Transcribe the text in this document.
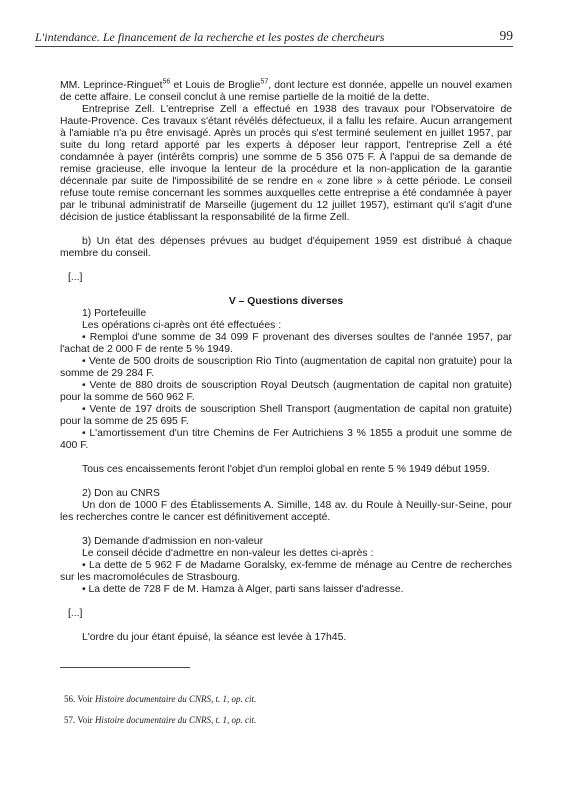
L'intendance. Le financement de la recherche et les postes de chercheurs	99

MM. Leprince-Ringuet$^{56}$ et Louis de Broglie$^{57}$, dont lecture est donnée, appelle un nouvel examen de cette affaire. Le conseil conclut à une remise partielle de la moitié de la dette.

Entreprise Zell. L'entreprise Zell a effectué en 1938 des travaux pour l'Observatoire de Haute-Provence. Ces travaux s'étant révélés défectueux, il a fallu les refaire. Aucun arrangement à l'amiable n'a pu être envisagé. Après un procès qui s'est terminé seulement en juillet 1957, par suite du long retard apporté par les experts à déposer leur rapport, l'entreprise Zell a été condamnée à payer (intérêts compris) une somme de 5 356 075 F. À l'appui de sa demande de remise gracieuse, elle invoque la lenteur de la procédure et la non-application de la garantie décennale par suite de l'impossibilité de se rendre en « zone libre » à cette période. Le conseil refuse toute remise concernant les sommes auxquelles cette entreprise a été condamnée à payer par le tribunal administratif de Marseille (jugement du 12 juillet 1957), estimant qu'il s'agit d'une décision de justice établissant la responsabilité de la firme Zell.

b) Un état des dépenses prévues au budget d'équipement 1959 est distribué à chaque membre du conseil.

[...]

V – Questions diverses

1) Portefeuille

Les opérations ci-après ont été effectuées :

• Remploi d'une somme de 34 099 F provenant des diverses soultes de l'année 1957, par l'achat de 2 000 F de rente 5 % 1949.

• Vente de 500 droits de souscription Rio Tinto (augmentation de capital non gratuite) pour la somme de 29 284 F.

• Vente de 880 droits de souscription Royal Deutsch (augmentation de capital non gratuite) pour la somme de 560 962 F.

• Vente de 197 droits de souscription Shell Transport (augmentation de capital non gratuite) pour la somme de 25 695 F.

• L'amortissement d'un titre Chemins de Fer Autrichiens 3 % 1855 a produit une somme de 400 F.

Tous ces encaissements feront l'objet d'un remploi global en rente 5 % 1949 début 1959.

2) Don au CNRS

Un don de 1000 F des Établissements A. Simille, 148 av. du Roule à Neuilly-sur-Seine, pour les recherches contre le cancer est définitivement accepté.

3) Demande d'admission en non-valeur

Le conseil décide d'admettre en non-valeur les dettes ci-après :

• La dette de 5 962 F de Madame Goralsky, ex-femme de ménage au Centre de recherches sur les macromolécules de Strasbourg.

• La dette de 728 F de M. Hamza à Alger, parti sans laisser d'adresse.

[...]

L'ordre du jour étant épuisé, la séance est levée à 17h45.

56. Voir Histoire documentaire du CNRS, t. 1, op. cit.

57. Voir Histoire documentaire du CNRS, t. 1, op. cit.
